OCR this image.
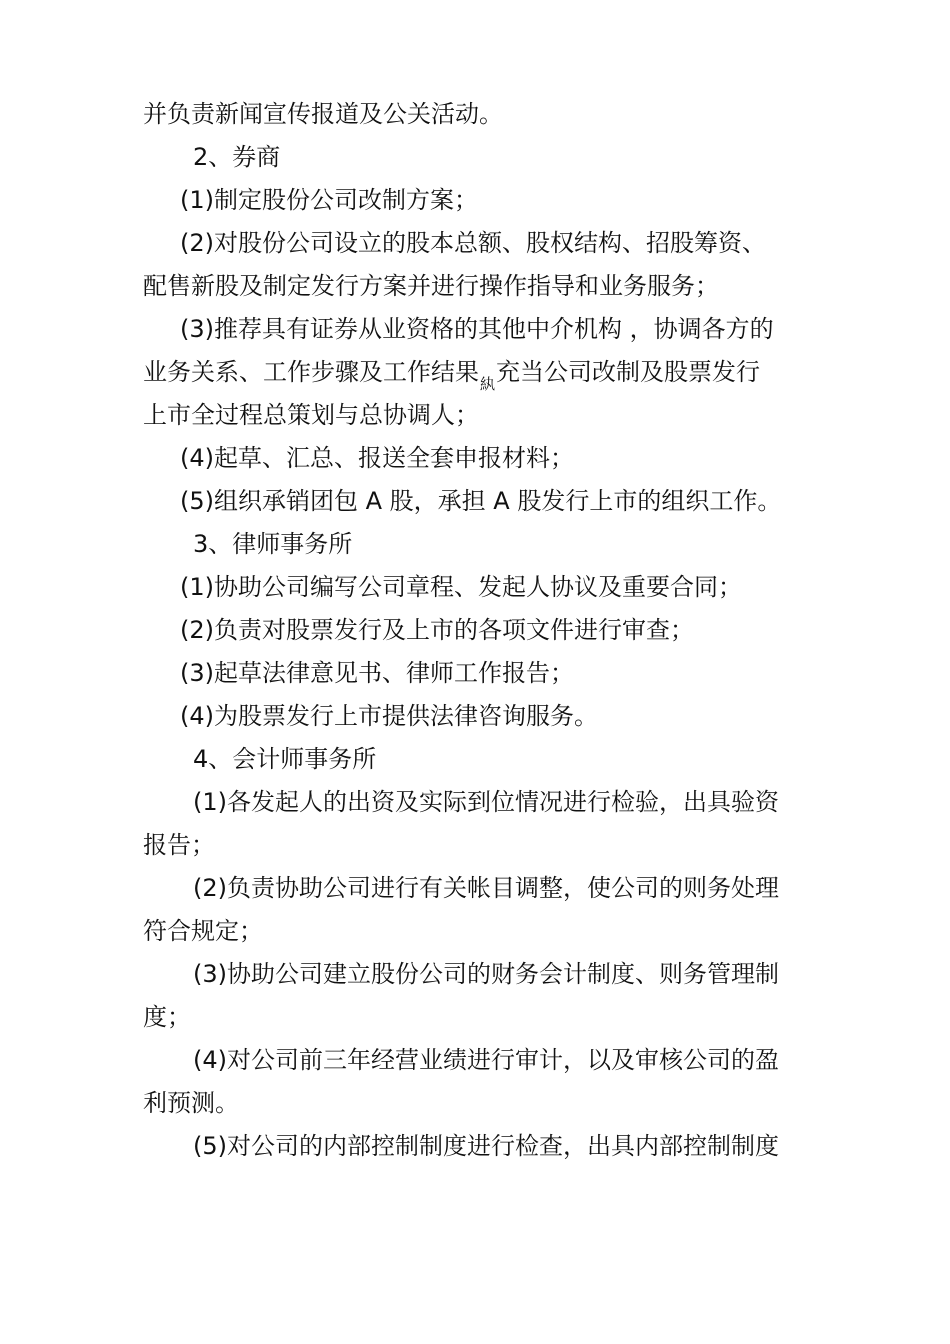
并负责新闻宣传报道及公关活动。
2、券商
(1)制定股份公司改制方案；
(2)对股份公司设立的股本总额、股权结构、招股筹资、
配售新股及制定发行方案并进行操作指导和业务服务；
(3)推荐具有证券从业资格的其他中介机构 ，协调各方的
业务关系、工作步骤及工作结果$_紈$充当公司改制及股票发行
上市全过程总策划与总协调人；
(4)起草、汇总、报送全套申报材料；
(5)组织承销团包 A 股，承担 A 股发行上市的组织工作。
3、律师事务所
(1)协助公司编写公司章程、发起人协议及重要合同；
(2)负责对股票发行及上市的各项文件进行审查；
(3)起草法律意见书、律师工作报告；
(4)为股票发行上市提供法律咨询服务。
4、会计师事务所
(1)各发起人的出资及实际到位情况进行检验，出具验资
报告；
(2)负责协助公司进行有关帐目调整，使公司的则务处理
符合规定；
(3)协助公司建立股份公司的财务会计制度、则务管理制
度；
(4)对公司前三年经营业绩进行审计，以及审核公司的盈
利预测。
(5)对公司的内部控制制度进行检查，出具内部控制制度
